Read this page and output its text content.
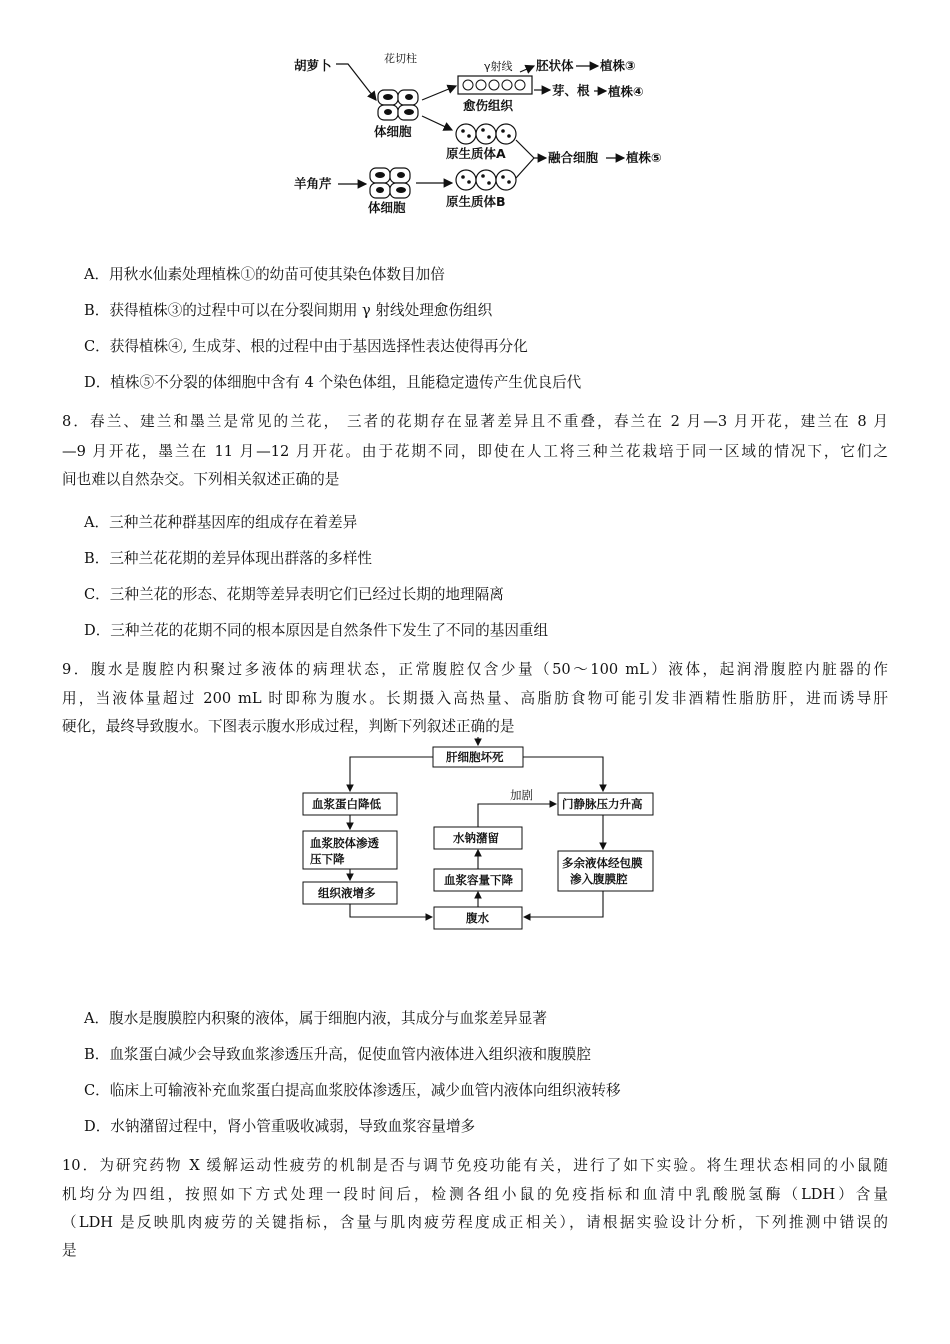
胡萝卜	花切柱
体细胞
愈伤组织
γ射线 胚状体 植株③
芽、根 植株④
原生质体A	融合细胞 植株⑤
羊角芹
体细胞	原生质体B
A．用秋水仙素处理植株①的幼苗可使其染色体数目加倍
B．获得植株③的过程中可以在分裂间期用 γ 射线处理愈伤组织
C．获得植株④, 生成芽、根的过程中由于基因选择性表达使得再分化
D．植株⑤不分裂的体细胞中含有 4 个染色体组，且能稳定遗传产生优良后代
8．春兰、建兰和墨兰是常见的兰花， 三者的花期存在显著差异且不重叠，春兰在 2 月—3 月开花，建兰在 8 月
—9 月开花，墨兰在 11 月—12 月开花。由于花期不同，即使在人工将三种兰花栽培于同一区域的情况下，它们之
间也难以自然杂交。下列相关叙述正确的是
A．三种兰花种群基因库的组成存在着差异
B．三种兰花花期的差异体现出群落的多样性
C．三种兰花的形态、花期等差异表明它们已经过长期的地理隔离
D．三种兰花的花期不同的根本原因是自然条件下发生了不同的基因重组
9．腹水是腹腔内积聚过多液体的病理状态，正常腹腔仅含少量（50～100 mL）液体，起润滑腹腔内脏器的作
用，当液体量超过 200 mL 时即称为腹水。长期摄入高热量、高脂肪食物可能引发非酒精性脂肪肝，进而诱导肝
硬化，最终导致腹水。下图表示腹水形成过程，判断下列叙述正确的是
肝细胞坏死
血浆蛋白降低
血浆胶体渗透
压下降
组织液增多
门静脉压力升高
多余液体经包膜
渗入腹膜腔
腹水
血浆容量下降
水钠潴留
加剧
A．腹水是腹膜腔内积聚的液体，属于细胞内液，其成分与血浆差异显著
B．血浆蛋白减少会导致血浆渗透压升高，促使血管内液体进入组织液和腹膜腔
C．临床上可输液补充血浆蛋白提高血浆胶体渗透压，减少血管内液体向组织液转移
D．水钠潴留过程中，肾小管重吸收减弱，导致血浆容量增多
10．为研究药物 X 缓解运动性疲劳的机制是否与调节免疫功能有关，进行了如下实验。将生理状态相同的小鼠随
机均分为四组，按照如下方式处理一段时间后，检测各组小鼠的免疫指标和血清中乳酸脱氢酶（LDH）含量
（LDH 是反映肌肉疲劳的关键指标，含量与肌肉疲劳程度成正相关），请根据实验设计分析，下列推测中错误的
是
